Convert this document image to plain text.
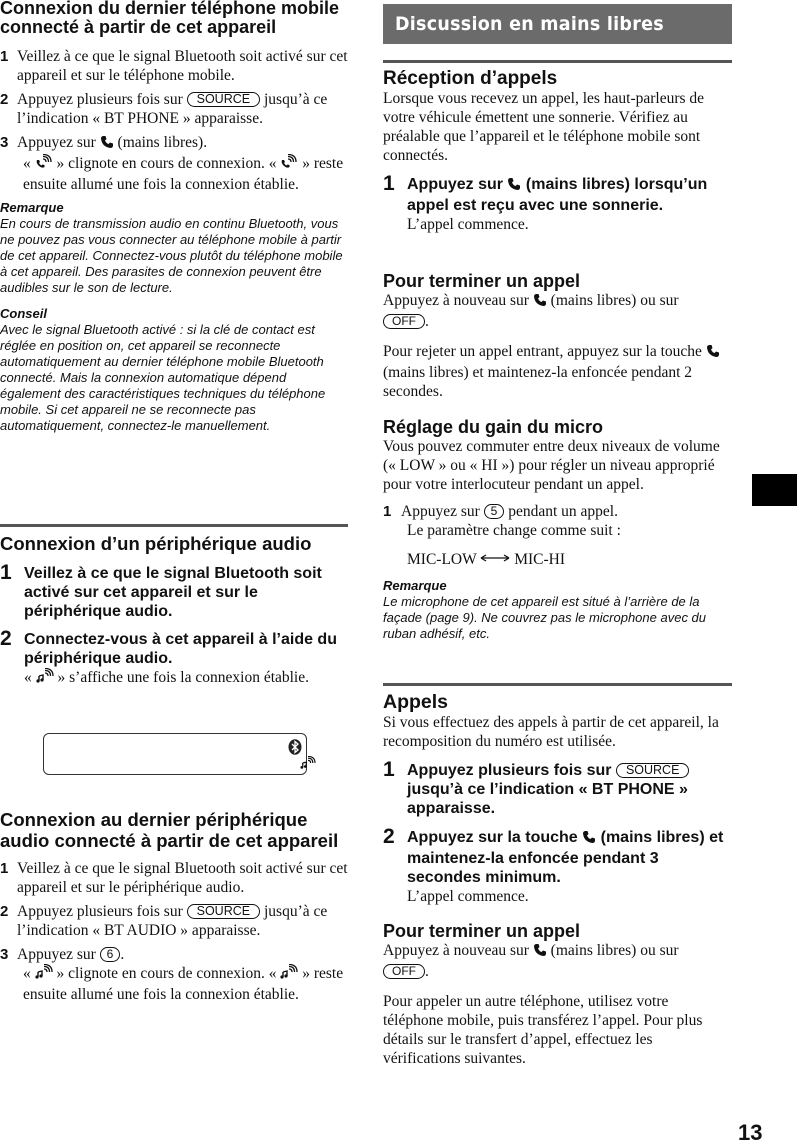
Connexion du dernier téléphone mobile connecté à partir de cet appareil
1 Veillez à ce que le signal Bluetooth soit activé sur cet appareil et sur le téléphone mobile.
2 Appuyez plusieurs fois sur SOURCE jusqu’à ce l’indication « BT PHONE » apparaisse.
3 Appuyez sur (mains libres).
« » clignote en cours de connexion. « » reste ensuite allumé une fois la connexion établie.
Remarque
En cours de transmission audio en continu Bluetooth, vous ne pouvez pas vous connecter au téléphone mobile à partir de cet appareil. Connectez-vous plutôt du téléphone mobile à cet appareil. Des parasites de connexion peuvent être audibles sur le son de lecture.
Conseil
Avec le signal Bluetooth activé : si la clé de contact est réglée en position on, cet appareil se reconnecte automatiquement au dernier téléphone mobile Bluetooth connecté. Mais la connexion automatique dépend également des caractéristiques techniques du téléphone mobile. Si cet appareil ne se reconnecte pas automatiquement, connectez-le manuellement.
Connexion d’un périphérique audio
1 Veillez à ce que le signal Bluetooth soit activé sur cet appareil et sur le périphérique audio.
2 Connectez-vous à cet appareil à l’aide du périphérique audio.
« » s’affiche une fois la connexion établie.
Connexion au dernier périphérique audio connecté à partir de cet appareil
1 Veillez à ce que le signal Bluetooth soit activé sur cet appareil et sur le périphérique audio.
2 Appuyez plusieurs fois sur SOURCE jusqu’à ce l’indication « BT AUDIO » apparaisse.
3 Appuyez sur 6 .
« » clignote en cours de connexion. « » reste ensuite allumé une fois la connexion établie.
Discussion en mains libres
Réception d’appels

Lorsque vous recevez un appel, les haut-parleurs de votre véhicule émettent une sonnerie. Vérifiez au préalable que l’appareil et le téléphone mobile sont connectés.

1 Appuyez sur (mains libres) lorsqu’un appel est reçu avec une sonnerie.
L’appel commence.
Pour terminer un appel

Appuyez à nouveau sur (mains libres) ou sur
OFF .

Pour rejeter un appel entrant, appuyez sur la touche  (mains libres) et maintenez-la enfoncée pendant 2 secondes.

Réglage du gain du micro

Vous pouvez commuter entre deux niveaux de volume (« LOW » ou « HI ») pour régler un niveau approprié pour votre interlocuteur pendant un appel.

1 Appuyez sur 5 pendant un appel.
Le paramètre change comme suit :
MIC-LOW MIC-HI
Remarque
Le microphone de cet appareil est situé à l’arrière de la façade (page 9). Ne couvrez pas le microphone avec du ruban adhésif, etc.
Appels

Si vous effectuez des appels à partir de cet appareil, la recomposition du numéro est utilisée.

1 Appuyez plusieurs fois sur SOURCE jusqu’à ce l’indication « BT PHONE » apparaisse.
2 Appuyez sur la touche (mains libres) et maintenez-la enfoncée pendant 3 secondes minimum.
L’appel commence.
Pour terminer un appel

Appuyez à nouveau sur (mains libres) ou sur
OFF .

Pour appeler un autre téléphone, utilisez votre téléphone mobile, puis transférez l’appel. Pour plus détails sur le transfert d’appel, effectuez les vérifications suivantes.

13
